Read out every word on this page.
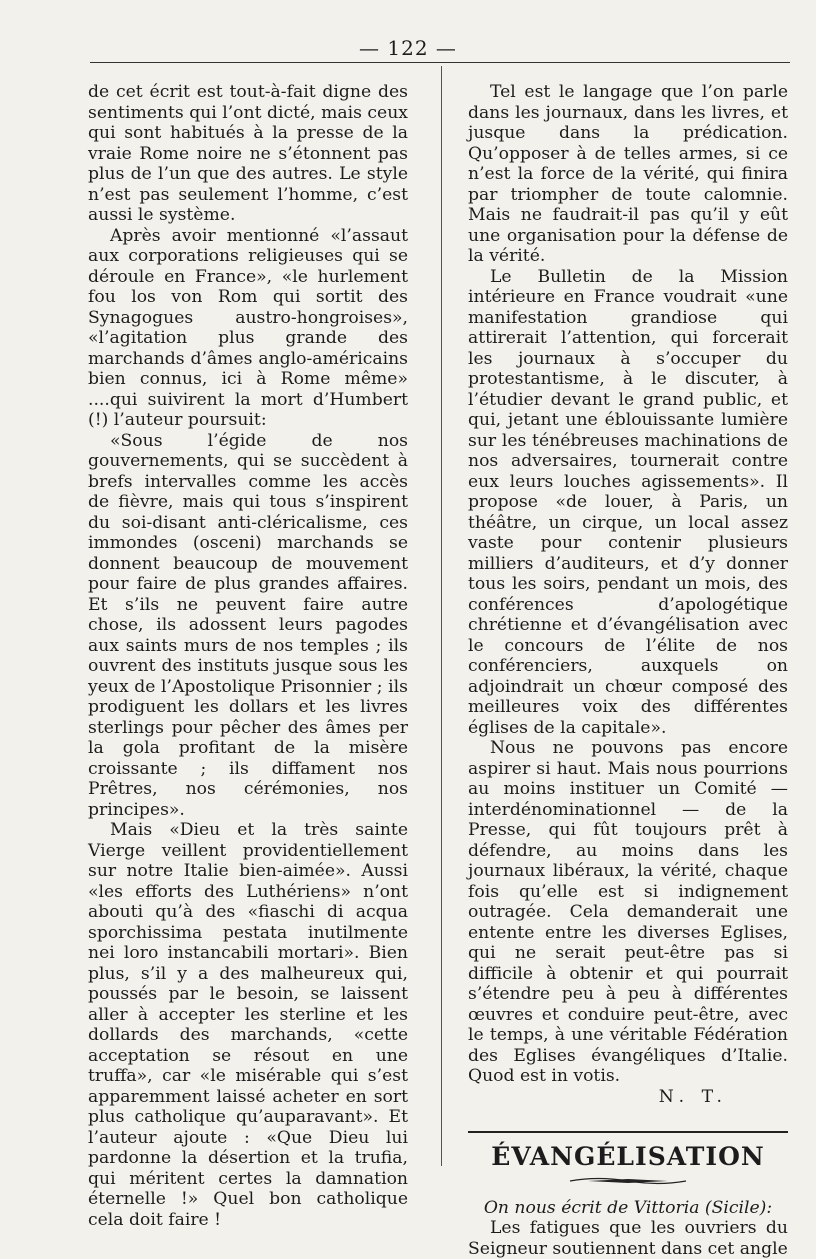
— 122 —

de cet écrit est tout-à-fait digne des sentiments qui l’ont dicté, mais ceux qui sont habitués à la presse de la vraie Rome noire ne s’étonnent pas plus de l’un que des autres. Le style n’est pas seulement l’homme, c’est aussi le système.

Après avoir mentionné «l’assaut aux corporations religieuses qui se déroule en France», «le hurlement fou los von Rom qui sortit des Synagogues austro-hongroises», «l’agitation plus grande des marchands d’âmes anglo-américains bien connus, ici à Rome même» ....qui suivirent la mort d’Humbert (!) l’auteur poursuit:

«Sous l’égide de nos gouvernements, qui se succèdent à brefs intervalles comme les accès de fièvre, mais qui tous s’inspirent du soi-disant anti-cléricalisme, ces immondes (osceni) marchands se donnent beaucoup de mouvement pour faire de plus grandes affaires. Et s’ils ne peuvent faire autre chose, ils adossent leurs pagodes aux saints murs de nos temples ; ils ouvrent des instituts jusque sous les yeux de l’Apostolique Prisonnier ; ils prodiguent les dollars et les livres sterlings pour pêcher des âmes per la gola profitant de la misère croissante ; ils diffament nos Prêtres, nos cérémonies, nos principes».

Mais «Dieu et la très sainte Vierge veillent providentiellement sur notre Italie bien-aimée». Aussi «les efforts des Luthériens» n’ont abouti qu’à des «fiaschi di acqua sporchissima pestata inutilmente nei loro instancabili mortari». Bien plus, s’il y a des malheureux qui, poussés par le besoin, se laissent aller à accepter les sterline et les dollards des marchands, «cette acceptation se résout en une truffa», car «le misérable qui s’est apparemment laissé acheter en sort plus catholique qu’auparavant». Et l’auteur ajoute : «Que Dieu lui pardonne la désertion et la trufia, qui méritent certes la damnation éternelle !» Quel bon catholique cela doit faire !

Tel est le langage que l’on parle dans les journaux, dans les livres, et jusque dans la prédication. Qu’opposer à de telles armes, si ce n’est la force de la vérité, qui finira par triompher de toute calomnie. Mais ne faudrait-il pas qu’il y eût une organisation pour la défense de la vérité.

Le Bulletin de la Mission intérieure en France voudrait «une manifestation grandiose qui attirerait l’attention, qui forcerait les journaux à s’occuper du protestantisme, à le discuter, à l’étudier devant le grand public, et qui, jetant une éblouissante lumière sur les ténébreuses machinations de nos adversaires, tournerait contre eux leurs louches agissements». Il propose «de louer, à Paris, un théâtre, un cirque, un local assez vaste pour contenir plusieurs milliers d’auditeurs, et d’y donner tous les soirs, pendant un mois, des conférences d’apologétique chrétienne et d’évangélisation avec le concours de l’élite de nos conférenciers, auxquels on adjoindrait un chœur composé des meilleures voix des différentes églises de la capitale».

Nous ne pouvons pas encore aspirer si haut. Mais nous pourrions au moins instituer un Comité — interdénominationnel — de la Presse, qui fût toujours prêt à défendre, au moins dans les journaux libéraux, la vérité, chaque fois qu’elle est si indignement outragée. Cela demanderait une entente entre les diverses Eglises, qui ne serait peut-être pas si difficile à obtenir et qui pourrait s’étendre peu à peu à différentes œuvres et conduire peut-être, avec le temps, à une véritable Fédération des Eglises évangéliques d’Italie. Quod est in votis.

N. T.

ÉVANGÉLISATION

On nous écrit de Vittoria (Sicile):

Les fatigues que les ouvriers du Seigneur soutiennent dans cet angle
